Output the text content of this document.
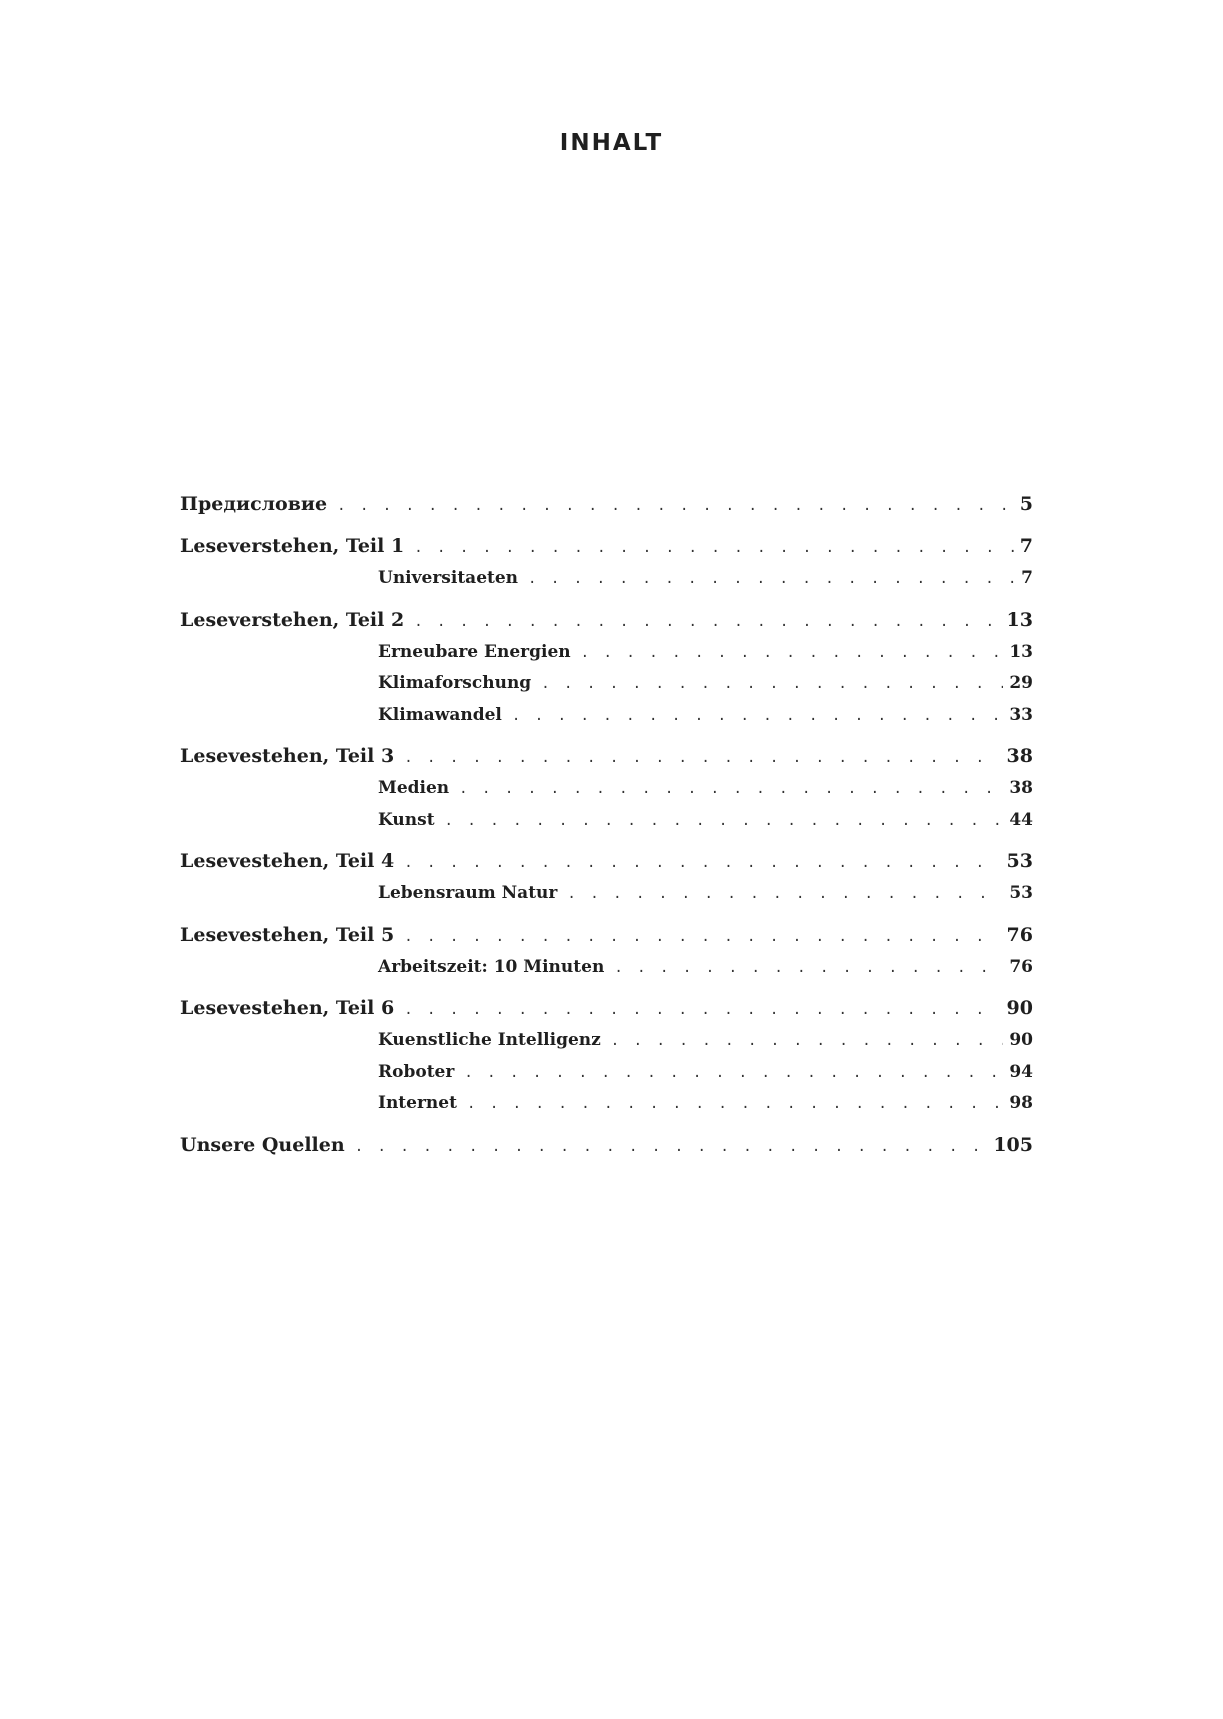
INHALT
Предисловие . . .	5
Leseverstehen, Teil 1 . . .	7
Universitaeten . . .	7
Leseverstehen, Teil 2 . . .	13
Erneubare Energien . . .	13
Klimaforschung . . .	29
Klimawandel . . .	33
Lesevestehen, Teil 3 . . .	38
Medien . . .	38
Kunst . . .	44
Lesevestehen, Teil 4 . . .	53
Lebensraum Natur . . .	53
Lesevestehen, Teil 5 . . .	76
Arbeitszeit: 10 Minuten . . .	76
Lesevestehen, Teil 6 . . .	90
Kuenstliche Intelligenz . . .	90
Roboter . . .	94
Internet . . .	98
Unsere Quellen . . .	105
